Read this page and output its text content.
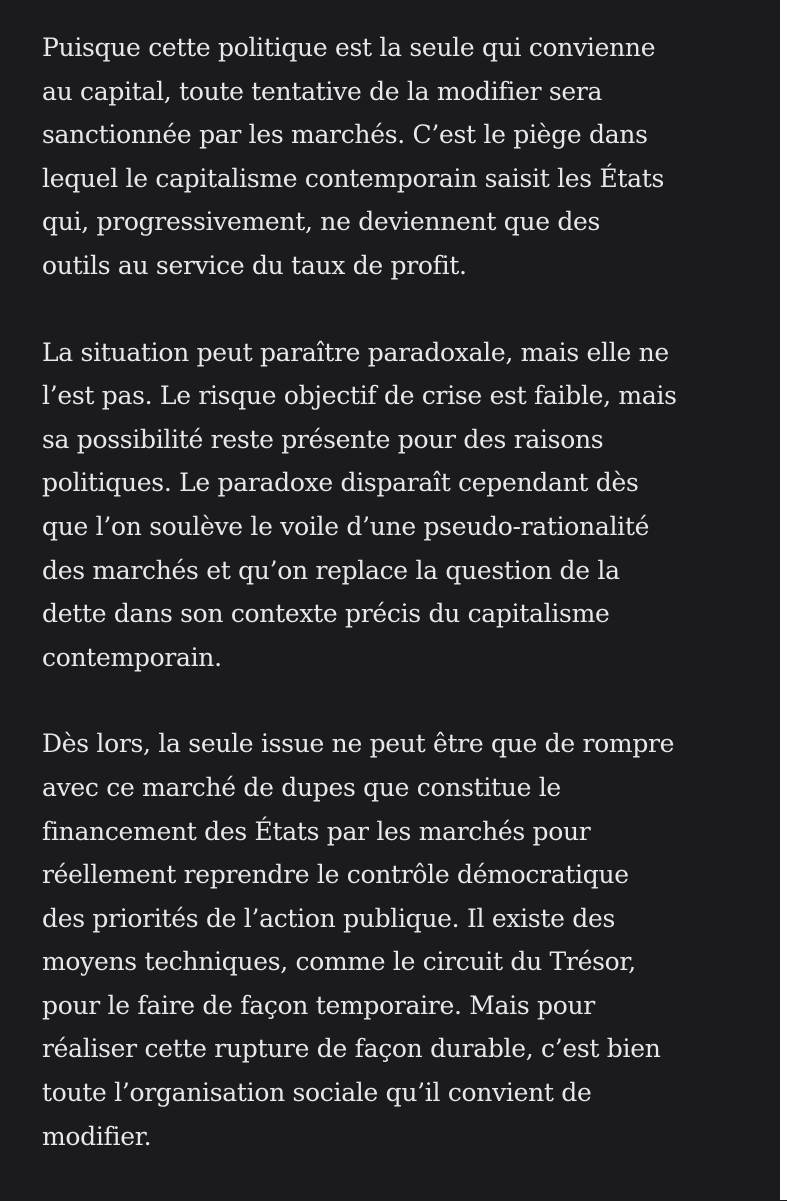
Puisque cette politique est la seule qui convienne
au capital, toute tentative de la modifier sera
sanctionnée par les marchés. C’est le piège dans
lequel le capitalisme contemporain saisit les États
qui, progressivement, ne deviennent que des
outils au service du taux de profit.

La situation peut paraître paradoxale, mais elle ne
l’est pas. Le risque objectif de crise est faible, mais
sa possibilité reste présente pour des raisons
politiques. Le paradoxe disparaît cependant dès
que l’on soulève le voile d’une pseudo-rationalité
des marchés et qu’on replace la question de la
dette dans son contexte précis du capitalisme
contemporain.

Dès lors, la seule issue ne peut être que de rompre
avec ce marché de dupes que constitue le
financement des États par les marchés pour
réellement reprendre le contrôle démocratique
des priorités de l’action publique. Il existe des
moyens techniques, comme le circuit du Trésor,
pour le faire de façon temporaire. Mais pour
réaliser cette rupture de façon durable, c’est bien
toute l’organisation sociale qu’il convient de
modifier.
